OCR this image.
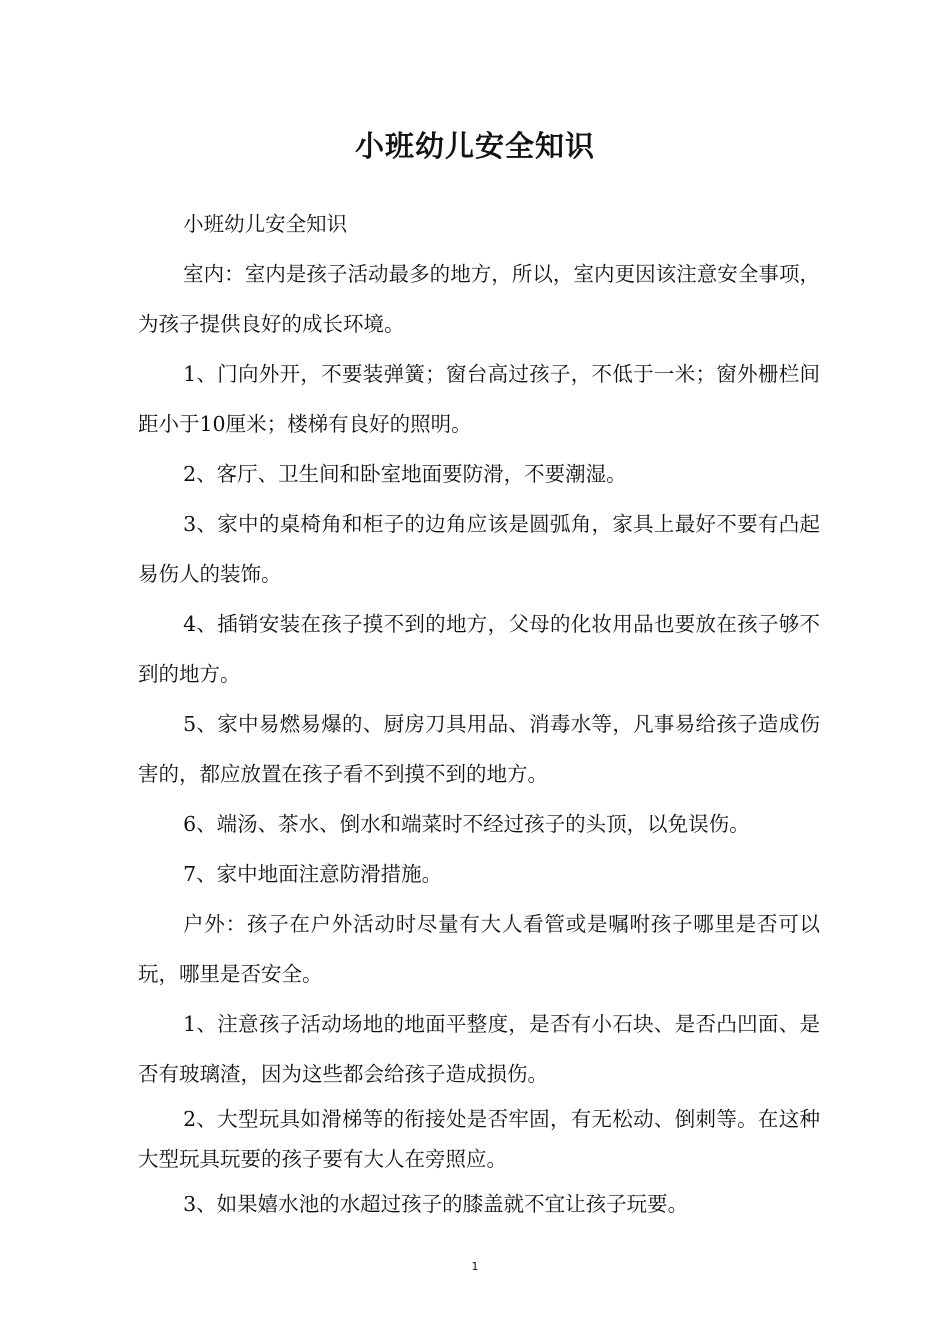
小班幼儿安全知识

小班幼儿安全知识

室内：室内是孩子活动最多的地方，所以，室内更因该注意安全事项，为孩子提供良好的成长环境。

1、门向外开，不要装弹簧；窗台高过孩子，不低于一米；窗外栅栏间距小于10厘米；楼梯有良好的照明。

2、客厅、卫生间和卧室地面要防滑，不要潮湿。

3、家中的桌椅角和柜子的边角应该是圆弧角，家具上最好不要有凸起易伤人的装饰。

4、插销安装在孩子摸不到的地方，父母的化妆用品也要放在孩子够不到的地方。

5、家中易燃易爆的、厨房刀具用品、消毒水等，凡事易给孩子造成伤害的，都应放置在孩子看不到摸不到的地方。

6、端汤、茶水、倒水和端菜时不经过孩子的头顶，以免误伤。

7、家中地面注意防滑措施。

户外：孩子在户外活动时尽量有大人看管或是嘱咐孩子哪里是否可以玩，哪里是否安全。

1、注意孩子活动场地的地面平整度，是否有小石块、是否凸凹面、是否有玻璃渣，因为这些都会给孩子造成损伤。

2、大型玩具如滑梯等的衔接处是否牢固，有无松动、倒刺等。在这种大型玩具玩要的孩子要有大人在旁照应。

3、如果嬉水池的水超过孩子的膝盖就不宜让孩子玩要。

1
